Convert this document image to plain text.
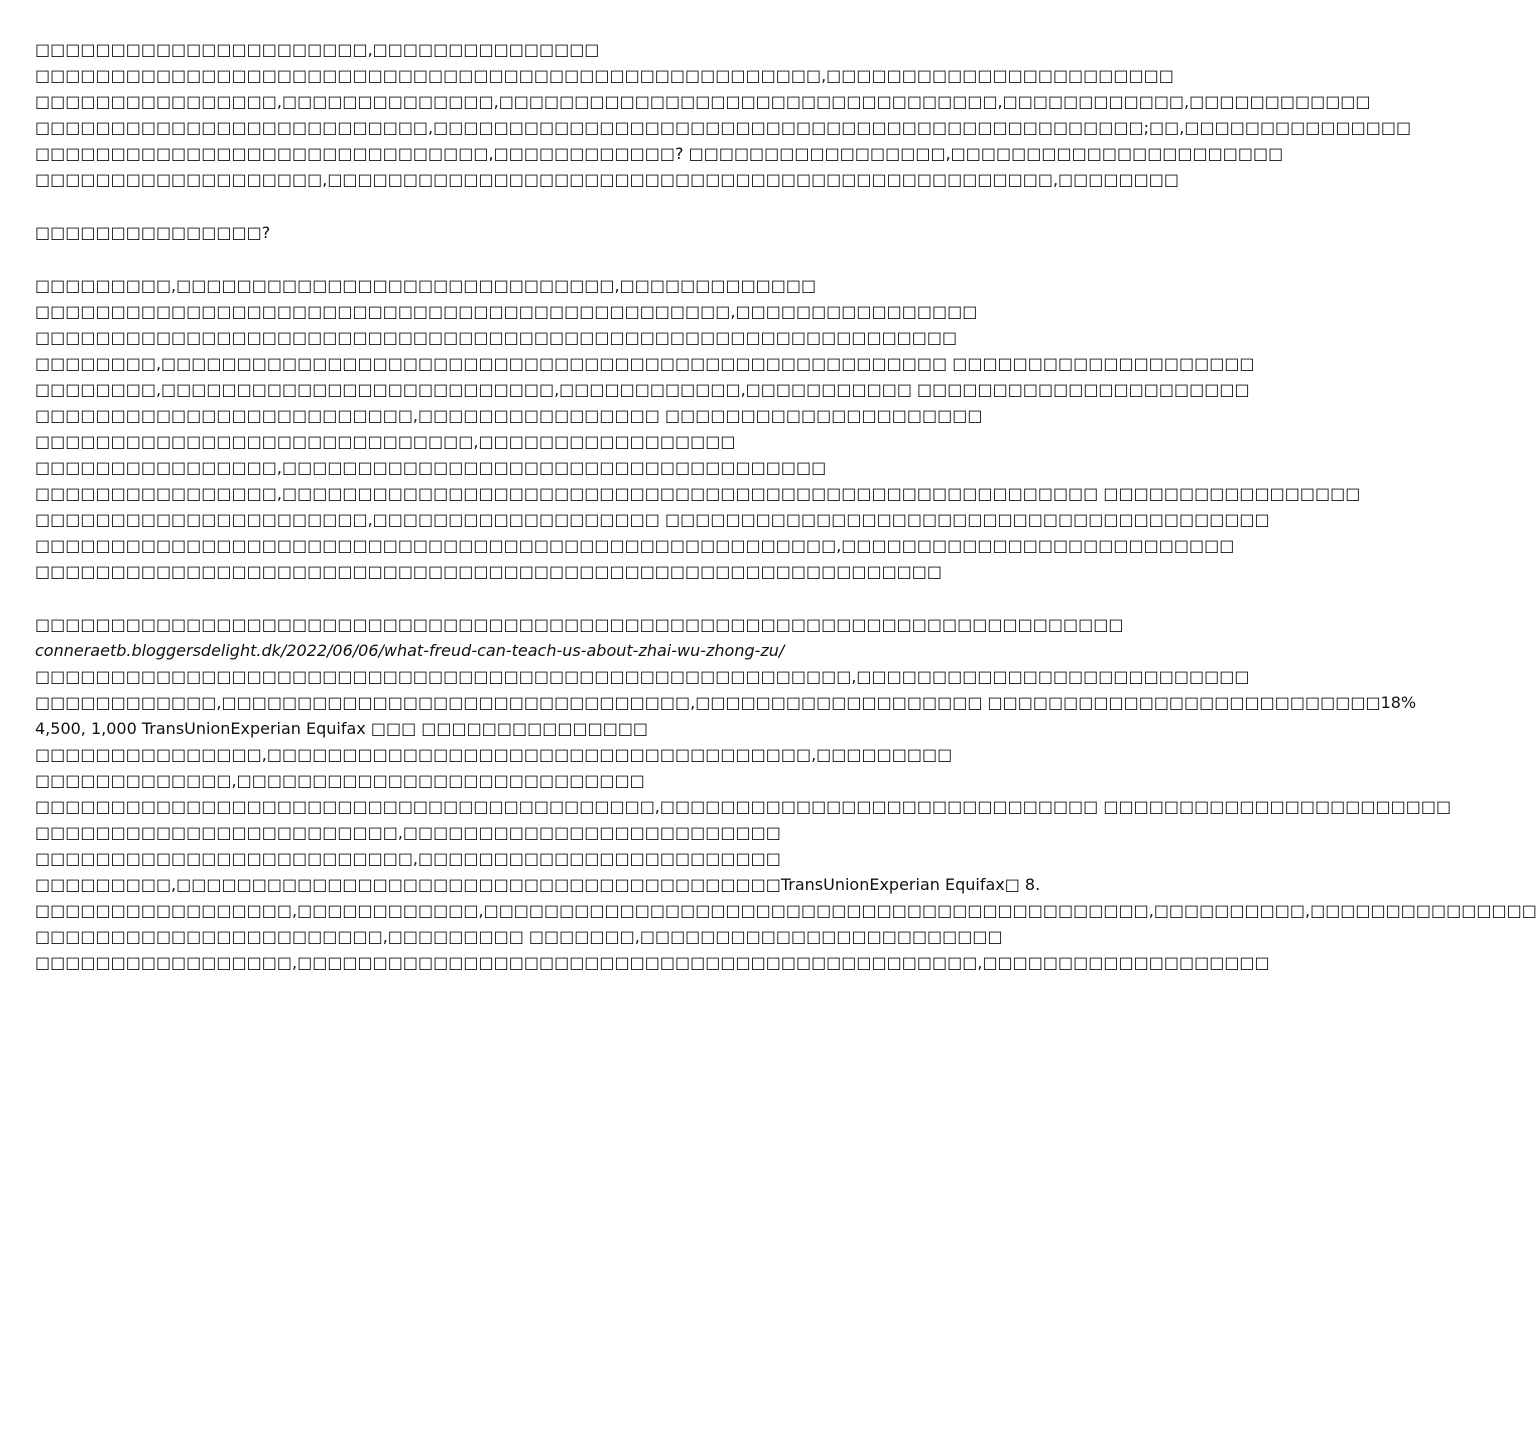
□□□□□□□□□□□□□□□□□□□□□□,□□□□□□□□□□□□□□□
□□□□□□□□□□□□□□□□□□□□□□□□□□□□□□□□□□□□□□□□□□□□□□□□□□□□,□□□□□□□□□□□□□□□□□□□□□□□
□□□□□□□□□□□□□□□□,□□□□□□□□□□□□□□,□□□□□□□□□□□□□□□□□□□□□□□□□□□□□□□□□,□□□□□□□□□□□□,□□□□□□□□□□□□
□□□□□□□□□□□□□□□□□□□□□□□□□□,□□□□□□□□□□□□□□□□□□□□□□□□□□□□□□□□□□□□□□□□□□□□□□□;□□,□□□□□□□□□□□□□□□
□□□□□□□□□□□□□□□□□□□□□□□□□□□□□□,□□□□□□□□□□□□? □□□□□□□□□□□□□□□□□,□□□□□□□□□□□□□□□□□□□□□□
□□□□□□□□□□□□□□□□□□□,□□□□□□□□□□□□□□□□□□□□□□□□□□□□□□□□□□□□□□□□□□□□□□□□,□□□□□□□□
□□□□□□□□□□□□□□□?
□□□□□□□□□,□□□□□□□□□□□□□□□□□□□□□□□□□□□□□,□□□□□□□□□□□□□
□□□□□□□□□□□□□□□□□□□□□□□□□□□□□□□□□□□□□□□□□□□□□□,□□□□□□□□□□□□□□□□
□□□□□□□□□□□□□□□□□□□□□□□□□□□□□□□□□□□□□□□□□□□□□□□□□□□□□□□□□□□□□
□□□□□□□□,□□□□□□□□□□□□□□□□□□□□□□□□□□□□□□□□□□□□□□□□□□□□□□□□□□□□ □□□□□□□□□□□□□□□□□□□□
□□□□□□□□,□□□□□□□□□□□□□□□□□□□□□□□□□□,□□□□□□□□□□□□,□□□□□□□□□□□ □□□□□□□□□□□□□□□□□□□□□□
□□□□□□□□□□□□□□□□□□□□□□□□□,□□□□□□□□□□□□□□□□ □□□□□□□□□□□□□□□□□□□□□
□□□□□□□□□□□□□□□□□□□□□□□□□□□□□,□□□□□□□□□□□□□□□□□
□□□□□□□□□□□□□□□□,□□□□□□□□□□□□□□□□□□□□□□□□□□□□□□□□□□□□
□□□□□□□□□□□□□□□□,□□□□□□□□□□□□□□□□□□□□□□□□□□□□□□□□□□□□□□□□□□□□□□□□□□□□□□ □□□□□□□□□□□□□□□□□
□□□□□□□□□□□□□□□□□□□□□□,□□□□□□□□□□□□□□□□□□□ □□□□□□□□□□□□□□□□□□□□□□□□□□□□□□□□□□□□□□□□
□□□□□□□□□□□□□□□□□□□□□□□□□□□□□□□□□□□□□□□□□□□□□□□□□□□□□,□□□□□□□□□□□□□□□□□□□□□□□□□□
□□□□□□□□□□□□□□□□□□□□□□□□□□□□□□□□□□□□□□□□□□□□□□□□□□□□□□□□□□□□
□□□□□□□□□□□□□□□□□□□□□□□□□□□□□□□□□□□□□□□□□□□□□□□□□□□□□□□□□□□□□□□□□□□□□□□□
conneraetb.bloggersdelight.dk/2022/06/06/what-freud-can-teach-us-about-zhai-wu-zhong-zu/
□□□□□□□□□□□□□□□□□□□□□□□□□□□□□□□□□□□□□□□□□□□□□□□□□□□□□□,□□□□□□□□□□□□□□□□□□□□□□□□□□
□□□□□□□□□□□□,□□□□□□□□□□□□□□□□□□□□□□□□□□□□□□□,□□□□□□□□□□□□□□□□□□□ □□□□□□□□□□□□□□□□□□□□□□□□□□18%
4,500, 1,000 TransUnionExperian Equifax □□□ □□□□□□□□□□□□□□□
□□□□□□□□□□□□□□□,□□□□□□□□□□□□□□□□□□□□□□□□□□□□□□□□□□□□,□□□□□□□□□
□□□□□□□□□□□□□,□□□□□□□□□□□□□□□□□□□□□□□□□□□
□□□□□□□□□□□□□□□□□□□□□□□□□□□□□□□□□□□□□□□□□,□□□□□□□□□□□□□□□□□□□□□□□□□□□□□ □□□□□□□□□□□□□□□□□□□□□□□
□□□□□□□□□□□□□□□□□□□□□□□□,□□□□□□□□□□□□□□□□□□□□□□□□□
□□□□□□□□□□□□□□□□□□□□□□□□□,□□□□□□□□□□□□□□□□□□□□□□□□
□□□□□□□□□,□□□□□□□□□□□□□□□□□□□□□□□□□□□□□□□□□□□□□□□□TransUnionExperian Equifax□ 8.
□□□□□□□□□□□□□□□□□,□□□□□□□□□□□□,□□□□□□□□□□□□□□□□□□□□□□□□□□□□□□□□□□□□□□□□□□□□,□□□□□□□□□□,□□□□□□□□□□□□□□□
□□□□□□□□□□□□□□□□□□□□□□□,□□□□□□□□□ □□□□□□□,□□□□□□□□□□□□□□□□□□□□□□□□
□□□□□□□□□□□□□□□□□,□□□□□□□□□□□□□□□□□□□□□□□□□□□□□□□□□□□□□□□□□□□□□,□□□□□□□□□□□□□□□□□□□
